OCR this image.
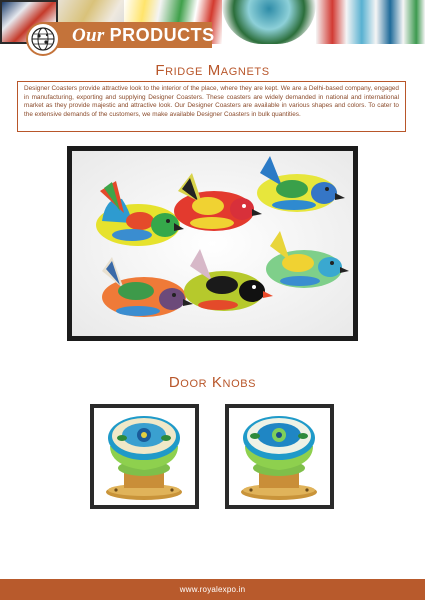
Our PRODUCTS
Fridge Magnets
Designer Coasters provide attractive look to the interior of the place, where they are kept. We are a Delhi-based company, engaged in manufacturing, exporting and supplying Designer Coasters. These coasters are widely demanded in national and international market as they provide majestic and attractive look. Our Designer Coasters are available in various shapes and colors. To cater to the extensive demands of the customers, we make available Designer Coasters in bulk quantities.
Door Knobs
www.royalexpo.in
